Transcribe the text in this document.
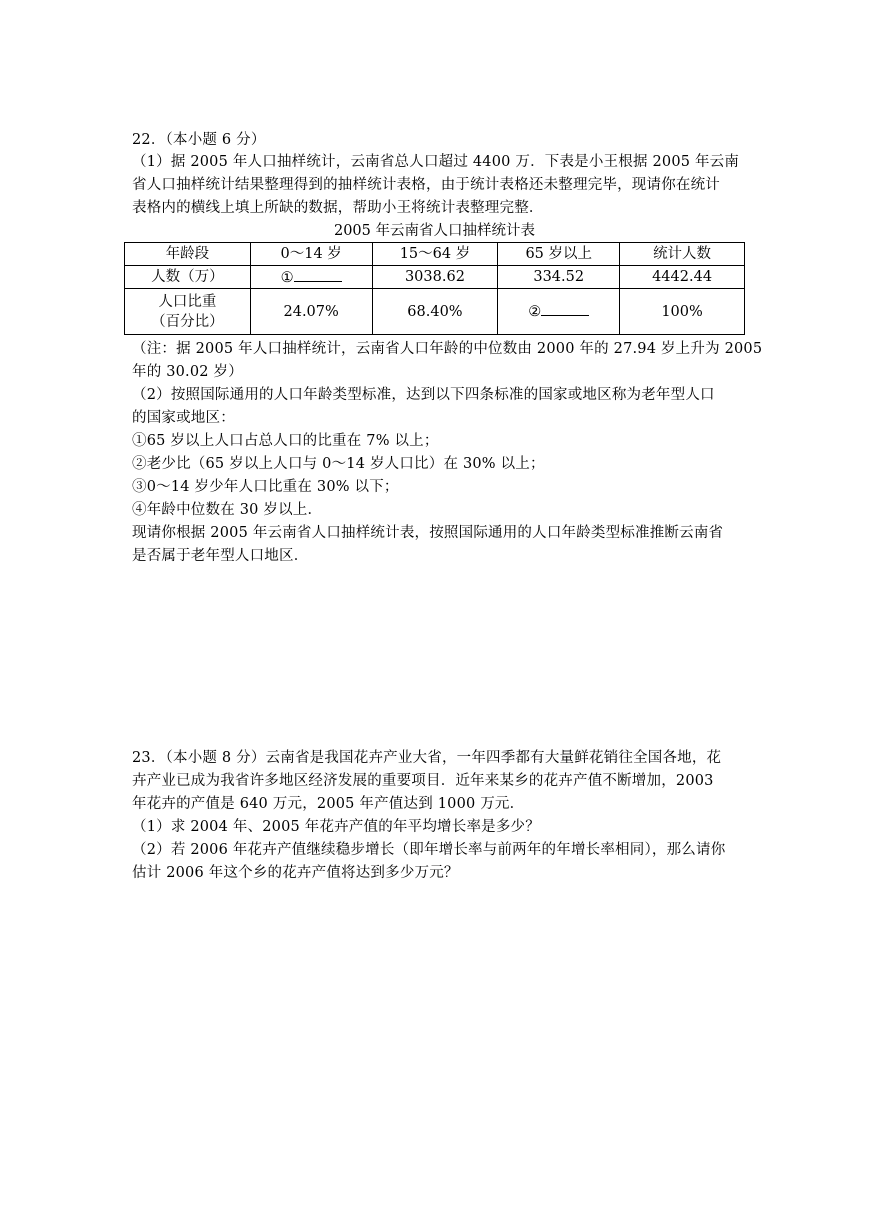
22．（本小题 6 分）
（1）据 2005 年人口抽样统计，云南省总人口超过 4400 万．下表是小王根据 2005 年云南
省人口抽样统计结果整理得到的抽样统计表格，由于统计表格还未整理完毕，现请你在统计
表格内的横线上填上所缺的数据，帮助小王将统计表整理完整．
2005 年云南省人口抽样统计表
年龄段	0～14 岁	15～64 岁	65 岁以上	统计人数
人数（万）	①	3038.62	334.52	4442.44

人口比重
（百分比）	24.07%	68.40%	②	100%
（注：据 2005 年人口抽样统计，云南省人口年龄的中位数由 2000 年的 27.94 岁上升为 2005
年的 30.02 岁）
（2）按照国际通用的人口年龄类型标准，达到以下四条标准的国家或地区称为老年型人口
的国家或地区：
①65 岁以上人口占总人口的比重在 7% 以上；
②老少比（65 岁以上人口与 0～14 岁人口比）在 30% 以上；
③0～14 岁少年人口比重在 30% 以下；
④年龄中位数在 30 岁以上．
现请你根据 2005 年云南省人口抽样统计表，按照国际通用的人口年龄类型标准推断云南省
是否属于老年型人口地区．
23．（本小题 8 分）云南省是我国花卉产业大省，一年四季都有大量鲜花销往全国各地，花
卉产业已成为我省许多地区经济发展的重要项目．近年来某乡的花卉产值不断增加，2003
年花卉的产值是 640 万元，2005 年产值达到 1000 万元．
（1）求 2004 年、2005 年花卉产值的年平均增长率是多少？
（2）若 2006 年花卉产值继续稳步增长（即年增长率与前两年的年增长率相同），那么请你
估计 2006 年这个乡的花卉产值将达到多少万元？
